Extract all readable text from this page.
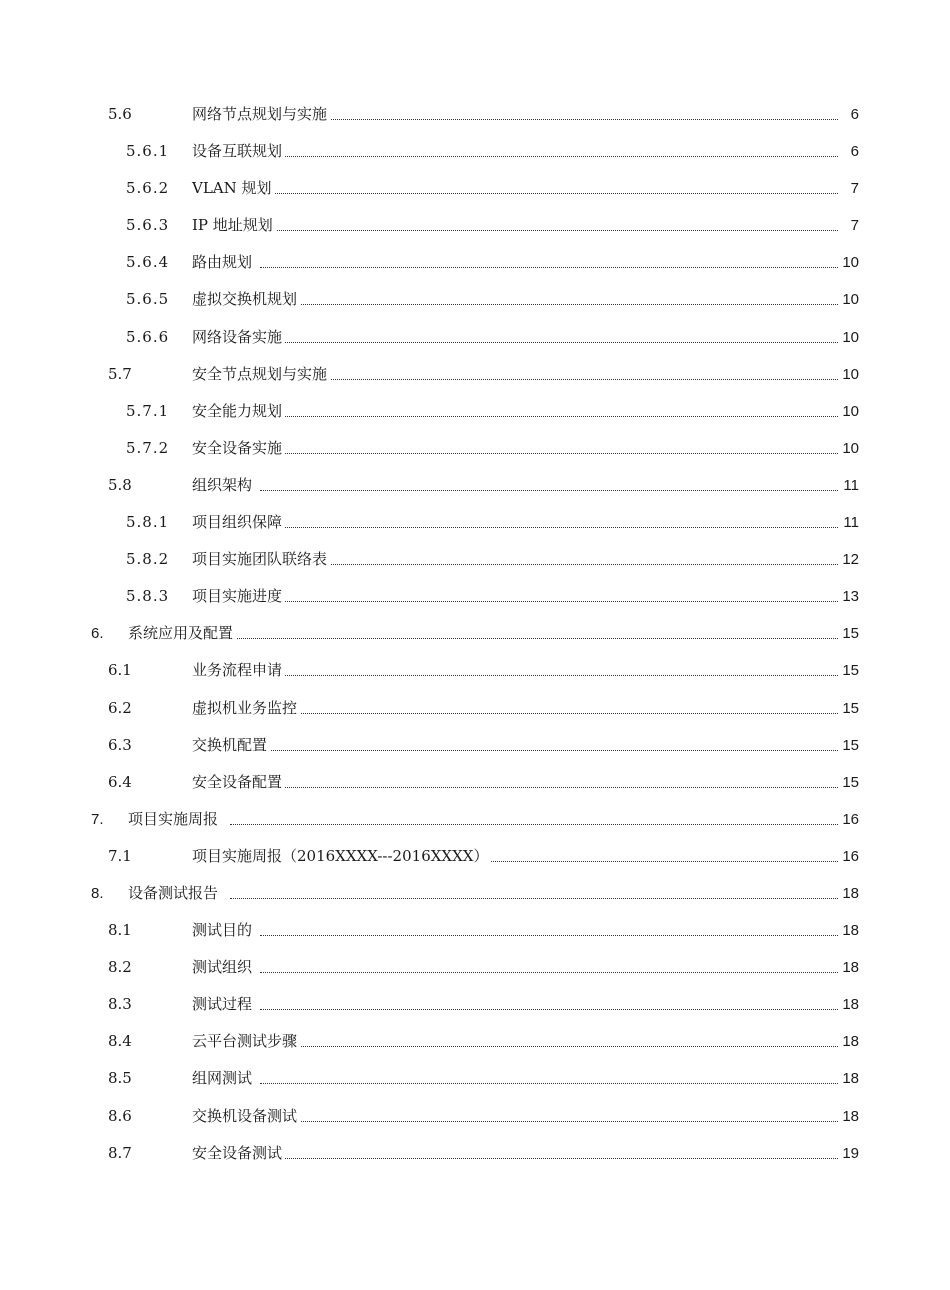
5.6	网络节点规划与实施	6
5.6.1 设备互联规划	6
5.6.2 VLAN 规划	7
5.6.3 IP 地址规划	7
5.6.4 路由规划	10
5.6.5 虚拟交换机规划	10
5.6.6 网络设备实施	10
5.7	安全节点规划与实施	10
5.7.1 安全能力规划	10
5.7.2 安全设备实施	10
5.8	组织架构	11
5.8.1 项目组织保障	11
5.8.2 项目实施团队联络表	12
5.8.3 项目实施进度	13
6. 系统应用及配置	15
6.1	业务流程申请	15
6.2	虚拟机业务监控	15
6.3	交换机配置	15
6.4	安全设备配置	15
7. 项目实施周报	16
7.1	项目实施周报（2016XXXX---2016XXXX）	16
8. 设备测试报告	18
8.1	测试目的	18
8.2	测试组织	18
8.3	测试过程	18
8.4	云平台测试步骤	18
8.5	组网测试	18
8.6	交换机设备测试	18
8.7	安全设备测试	19
